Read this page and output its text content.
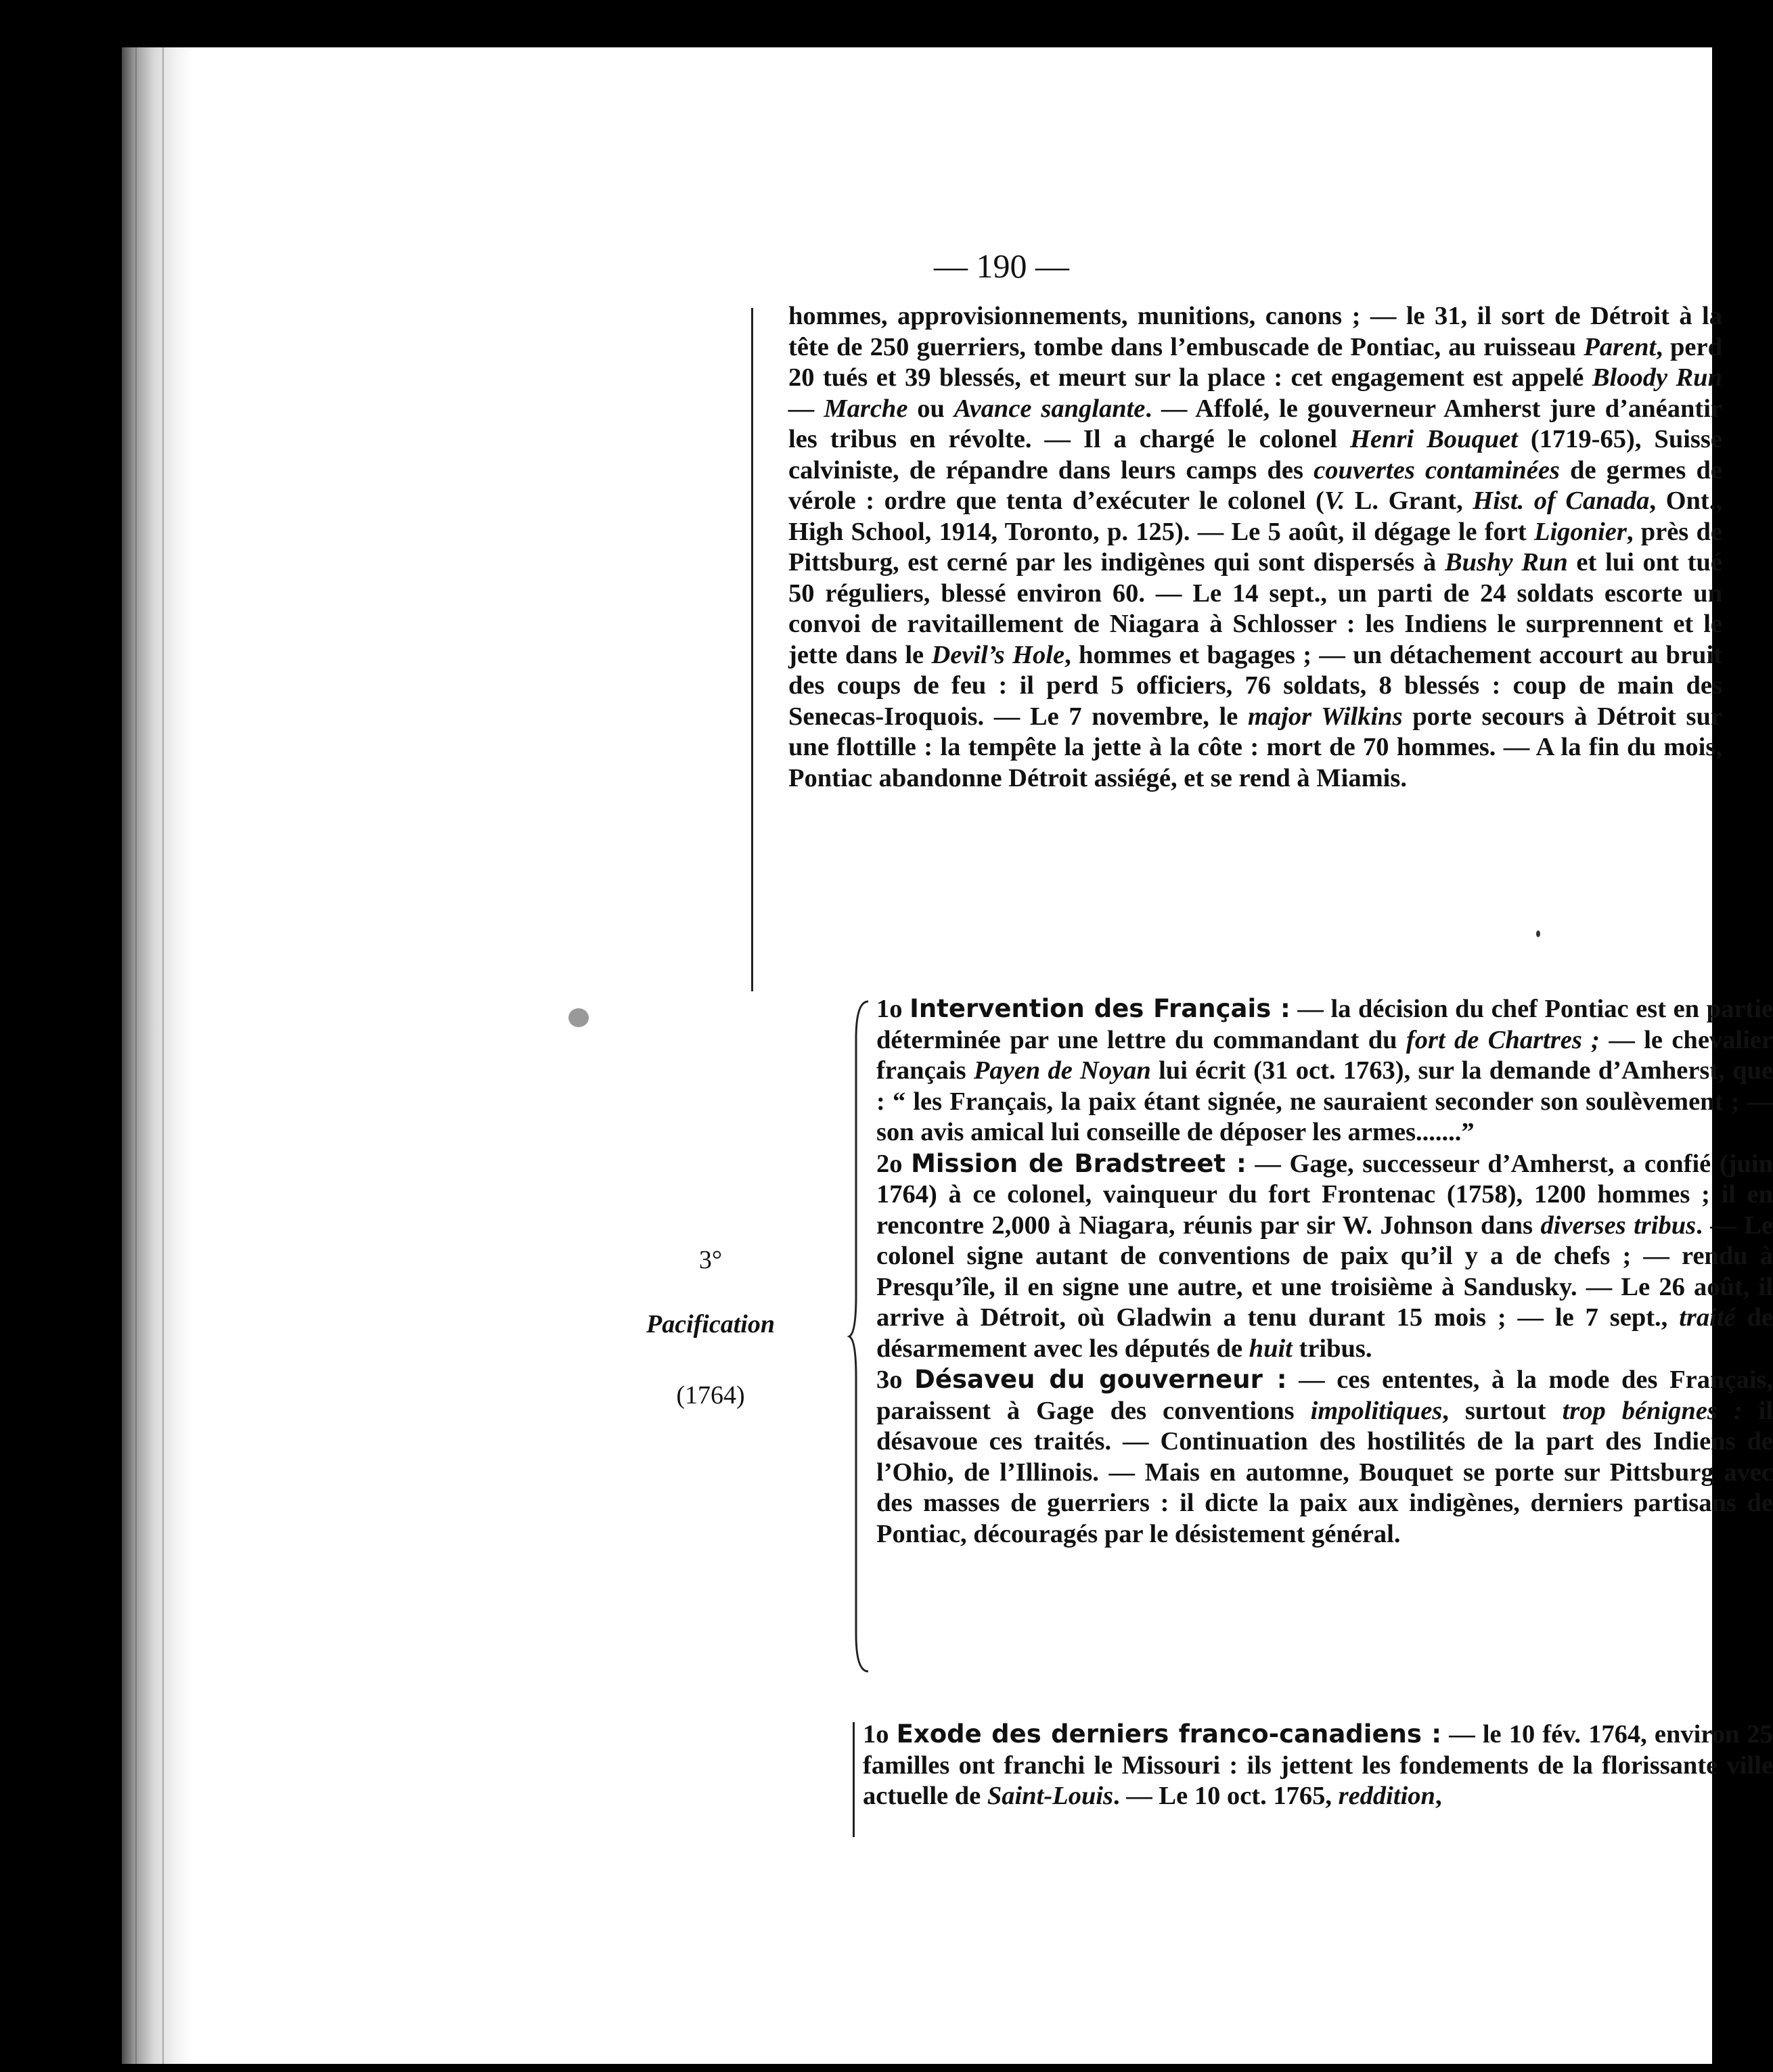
— 190 —

hommes, approvisionnements, munitions, canons ; — le 31, il sort de Détroit à la tête de 250 guerriers, tombe dans l’embuscade de Pontiac, au ruisseau Parent, perd 20 tués et 39 blessés, et meurt sur la place : cet engagement est appelé Bloody Run — Marche ou Avance sanglante. — Affolé, le gouverneur Amherst jure d’anéantir les tribus en révolte. — Il a chargé le colonel Henri Bouquet (1719-65), Suisse calviniste, de répandre dans leurs camps des couvertes contaminées de germes de vérole : ordre que tenta d’exécuter le colonel (V. L. Grant, Hist. of Canada, Ont., High School, 1914, Toronto, p. 125). — Le 5 août, il dégage le fort Ligonier, près de Pittsburg, est cerné par les indigènes qui sont dispersés à Bushy Run et lui ont tué 50 réguliers, blessé environ 60. — Le 14 sept., un parti de 24 soldats escorte un convoi de ravitaillement de Niagara à Schlosser : les Indiens le surprennent et le jette dans le Devil’s Hole, hommes et bagages ; — un détachement accourt au bruit des coups de feu : il perd 5 officiers, 76 soldats, 8 blessés : coup de main des Senecas-Iroquois. — Le 7 novembre, le major Wilkins porte secours à Détroit sur une flottille : la tempête la jette à la côte : mort de 70 hommes. — A la fin du mois, Pontiac abandonne Détroit assiégé, et se rend à Miamis.

3°
Pacification
(1764)

1o Intervention des Français : — la décision du chef Pontiac est en partie déterminée par une lettre du commandant du fort de Chartres ; — le chevalier français Payen de Noyan lui écrit (31 oct. 1763), sur la demande d’Amherst, que : “ les Français, la paix étant signée, ne sauraient seconder son soulèvement ; — son avis amical lui conseille de déposer les armes.......”

2o Mission de Bradstreet : — Gage, successeur d’Amherst, a confié (juin 1764) à ce colonel, vainqueur du fort Frontenac (1758), 1200 hommes ; il en rencontre 2,000 à Niagara, réunis par sir W. Johnson dans diverses tribus. — Le colonel signe autant de conventions de paix qu’il y a de chefs ; — rendu à Presqu’île, il en signe une autre, et une troisième à Sandusky. — Le 26 août, il arrive à Détroit, où Gladwin a tenu durant 15 mois ; — le 7 sept., traité de désarmement avec les députés de huit tribus.

3o Désaveu du gouverneur : — ces ententes, à la mode des Français, paraissent à Gage des conventions impolitiques, surtout trop bénignes : il désavoue ces traités. — Continuation des hostilités de la part des Indiens de l’Ohio, de l’Illinois. — Mais en automne, Bouquet se porte sur Pittsburg avec des masses de guerriers : il dicte la paix aux indigènes, derniers partisans de Pontiac, découragés par le désistement général.

1o Exode des derniers franco-canadiens : — le 10 fév. 1764, environ 25 familles ont franchi le Missouri : ils jettent les fondements de la florissante ville actuelle de Saint-Louis. — Le 10 oct. 1765, reddition,
